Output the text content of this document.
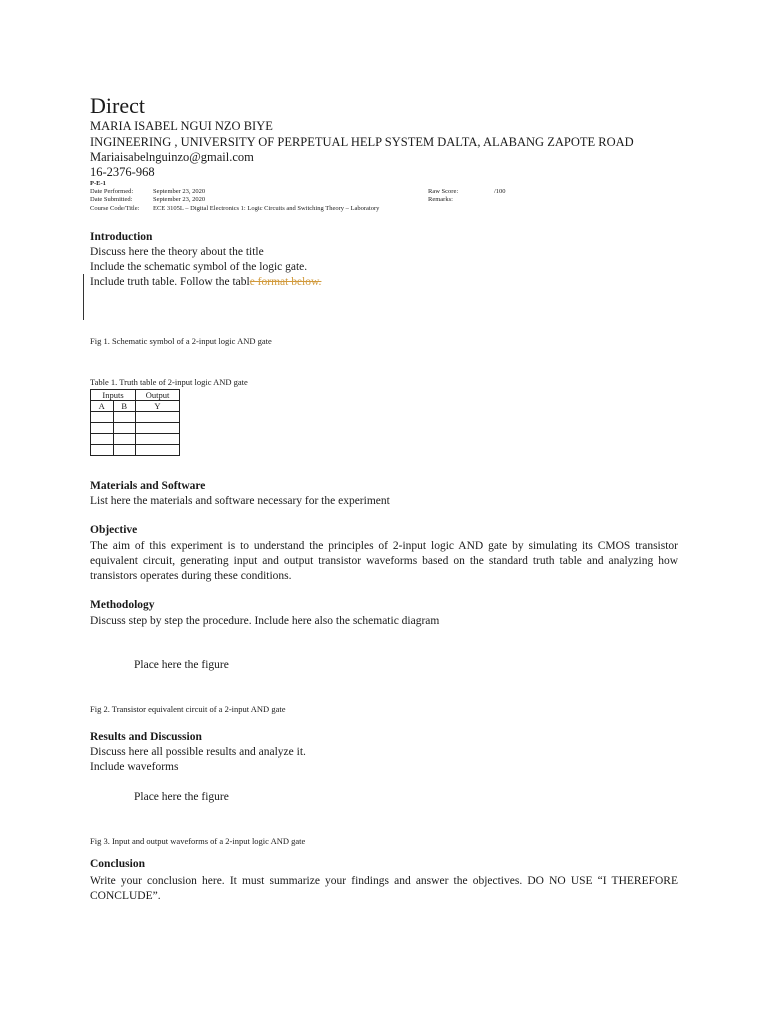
Direct
MARIA ISABEL NGUI NZO BIYE
INGINEERING , UNIVERSITY OF PERPETUAL HELP SYSTEM DALTA, ALABANG ZAPOTE ROAD
Mariaisabelnguinzo@gmail.com
16-2376-968
P-E-1
Date Performed:	September 23, 2020	Raw Score:	/100
Date Submitted:	September 23, 2020	Remarks:
Course Code/Title: ECE 3105L – Digital Electronics 1: Logic Circuits and Switching Theory – Laboratory
Introduction
Discuss here the theory about the title
Include the schematic symbol of the logic gate.
Include truth table. Follow the table format below.
Fig 1. Schematic symbol of a 2-input logic AND gate
Table 1. Truth table of 2-input logic AND gate
Inputs		Output
A	B	Y

Materials and Software
List here the materials and software necessary for the experiment
Objective
The aim of this experiment is to understand the principles of 2-input logic AND gate by simulating its CMOS transistor equivalent circuit, generating input and output transistor waveforms based on the standard truth table and analyzing how transistors operates during these conditions.
Methodology
Discuss step by step the procedure. Include here also the schematic diagram
Place here the figure
Fig 2. Transistor equivalent circuit of a 2-input AND gate
Results and Discussion
Discuss here all possible results and analyze it.
Include waveforms
Place here the figure
Fig 3. Input and output waveforms of a 2-input logic AND gate
Conclusion
Write your conclusion here. It must summarize your findings and answer the objectives. DO NO USE “I THEREFORE CONCLUDE”.
